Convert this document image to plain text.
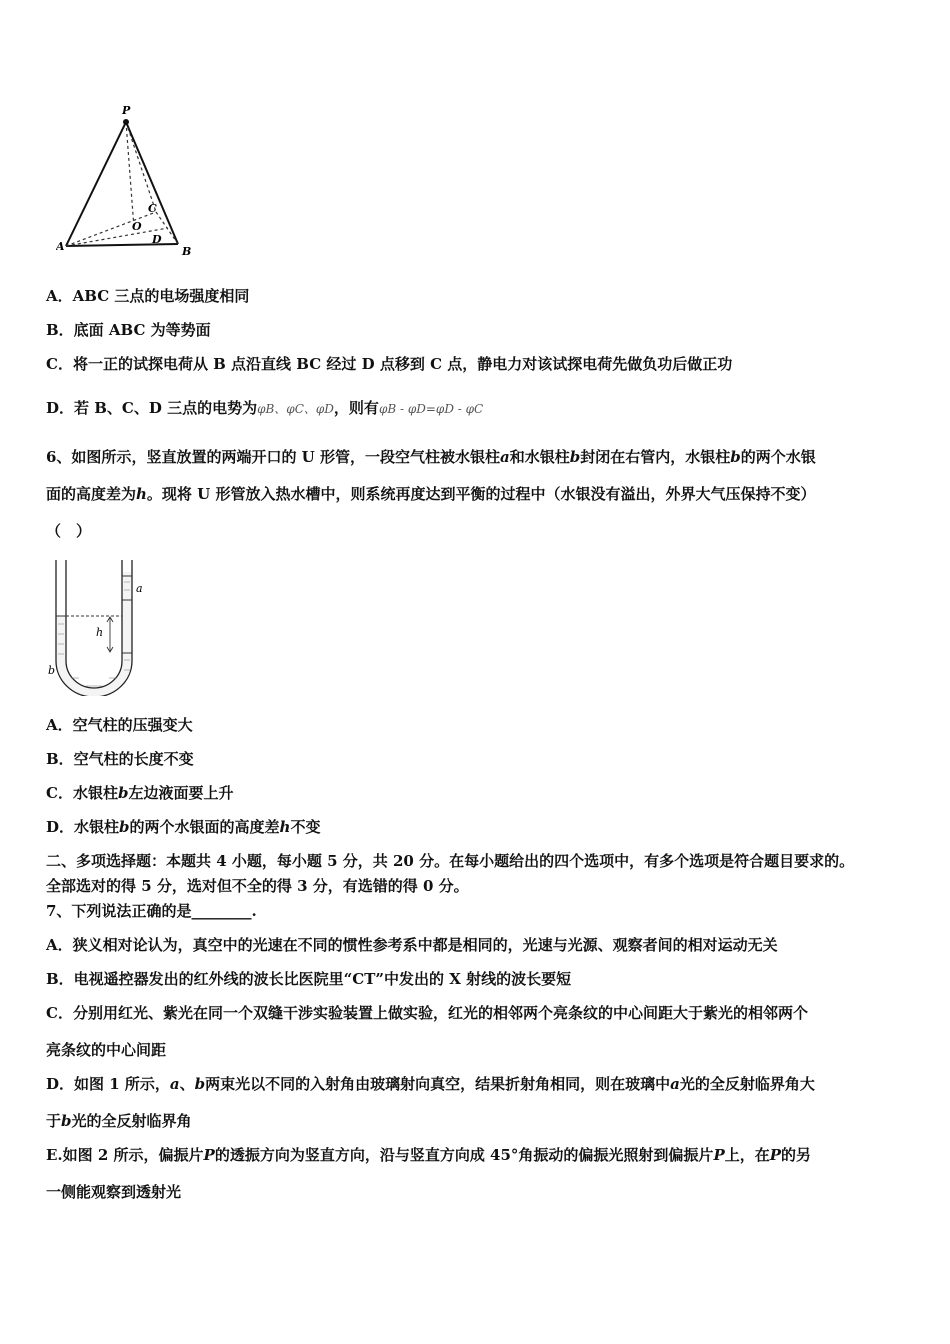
P
A	B
C
O
D
A．ABC 三点的电场强度相同
B．底面 ABC 为等势面
C．将一正的试探电荷从 B 点沿直线 BC 经过 D 点移到 C 点，静电力对该试探电荷先做负功后做正功
D．若 B、C、D 三点的电势为φB、φC、φD，则有φB - φD=φD - φC
6、如图所示，竖直放置的两端开口的 U 形管，一段空气柱被水银柱a和水银柱b封闭在右管内，水银柱b的两个水银
面的高度差为h。现将 U 形管放入热水槽中，则系统再度达到平衡的过程中（水银没有溢出，外界大气压保持不变）
（　）
a
h
b
A．空气柱的压强变大
B．空气柱的长度不变
C．水银柱b左边液面要上升
D．水银柱b的两个水银面的高度差h不变
二、多项选择题：本题共 4 小题，每小题 5 分，共 20 分。在每小题给出的四个选项中，有多个选项是符合题目要求的。
全部选对的得 5 分，选对但不全的得 3 分，有选错的得 0 分。
7、下列说法正确的是________.
A．狭义相对论认为，真空中的光速在不同的惯性参考系中都是相同的，光速与光源、观察者间的相对运动无关
B．电视遥控器发出的红外线的波长比医院里“CT”中发出的 X 射线的波长要短
C．分别用红光、紫光在同一个双缝干涉实验装置上做实验，红光的相邻两个亮条纹的中心间距大于紫光的相邻两个
亮条纹的中心间距
D．如图 1 所示，a、b两束光以不同的入射角由玻璃射向真空，结果折射角相同，则在玻璃中a光的全反射临界角大
于b光的全反射临界角
E.如图 2 所示，偏振片P的透振方向为竖直方向，沿与竖直方向成 45°角振动的偏振光照射到偏振片P上，在P的另
一侧能观察到透射光
